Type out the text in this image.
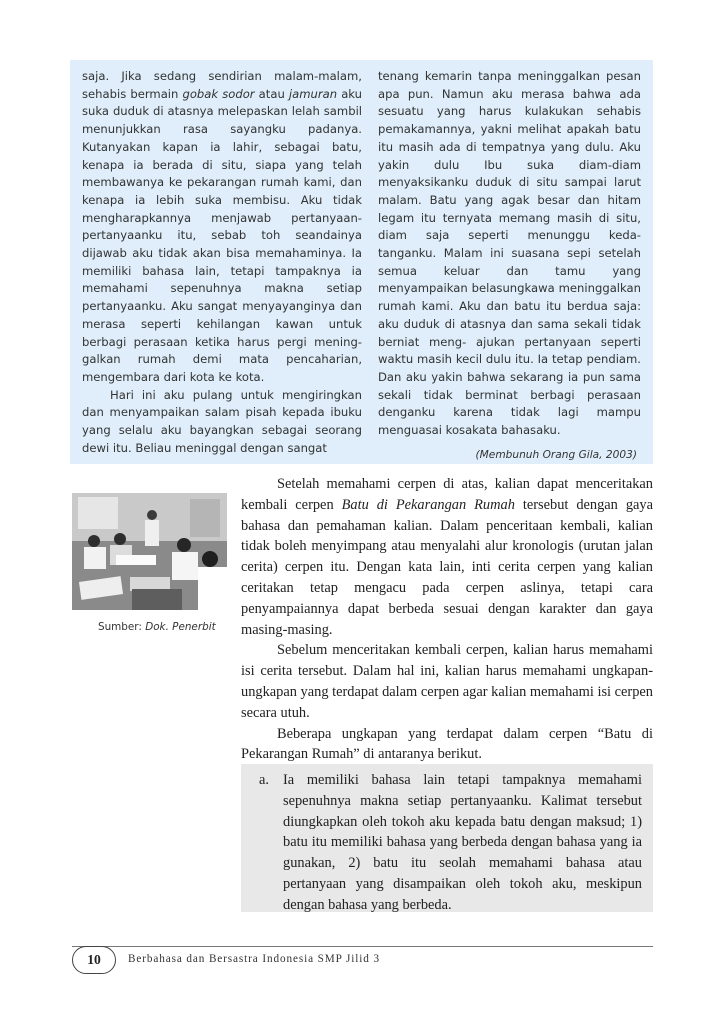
saja. Jika sedang sendirian malam-malam, sehabis bermain gobak sodor atau jamuran aku suka duduk di atasnya melepaskan lelah sambil menunjukkan rasa sayangku padanya. Kutanyakan kapan ia lahir, sebagai batu, kenapa ia berada di situ, siapa yang telah membawanya ke pekarangan rumah kami, dan kenapa ia lebih suka membisu. Aku tidak mengharapkannya menjawab pertanyaan- pertanyaanku itu, sebab toh seandainya dijawab aku tidak akan bisa memahaminya. Ia memiliki bahasa lain, tetapi tampaknya ia memahami sepenuhnya makna setiap pertanyaanku. Aku sangat menyayanginya dan merasa seperti kehilangan kawan untuk berbagi perasaan ketika harus pergi mening- galkan rumah demi mata pencaharian, mengembara dari kota ke kota.

Hari ini aku pulang untuk mengiringkan dan menyampaikan salam pisah kepada ibuku yang selalu aku bayangkan sebagai seorang dewi itu. Beliau meninggal dengan sangat

tenang kemarin tanpa meninggalkan pesan apa pun. Namun aku merasa bahwa ada sesuatu yang harus kulakukan sehabis pemakamannya, yakni melihat apakah batu itu masih ada di tempatnya yang dulu. Aku yakin dulu Ibu suka diam-diam menyaksikanku duduk di situ sampai larut malam. Batu yang agak besar dan hitam legam itu ternyata memang masih di situ, diam saja seperti menunggu keda- tanganku. Malam ini suasana sepi setelah semua keluar dan tamu yang menyampaikan belasungkawa meninggalkan rumah kami. Aku dan batu itu berdua saja: aku duduk di atasnya dan sama sekali tidak berniat meng- ajukan pertanyaan seperti waktu masih kecil dulu itu. Ia tetap pendiam. Dan aku yakin bahwa sekarang ia pun sama sekali tidak berminat berbagi perasaan denganku karena tidak lagi mampu menguasai kosakata bahasaku.

(Membunuh Orang Gila, 2003)
Sumber: Dok. Penerbit

Setelah memahami cerpen di atas, kalian dapat menceritakan kembali cerpen Batu di Pekarangan Rumah tersebut dengan gaya bahasa dan pemahaman kalian. Dalam penceritaan kembali, kalian tidak boleh menyimpang atau menyalahi alur kronologis (urutan jalan cerita) cerpen itu. Dengan kata lain, inti cerita cerpen yang kalian ceritakan tetap mengacu pada cerpen aslinya, tetapi cara penyampaiannya dapat berbeda sesuai dengan karakter dan gaya masing-masing.

Sebelum menceritakan kembali cerpen, kalian harus memahami isi cerita tersebut. Dalam hal ini, kalian harus memahami ungkapan-ungkapan yang terdapat dalam cerpen agar kalian memahami isi cerpen secara utuh.

Beberapa ungkapan yang terdapat dalam cerpen “Batu di Pekarangan Rumah” di antaranya berikut.

a. Ia memiliki bahasa lain tetapi tampaknya memahami sepenuhnya makna setiap pertanyaanku. Kalimat tersebut diungkapkan oleh tokoh aku kepada batu dengan maksud; 1) batu itu memiliki bahasa yang berbeda dengan bahasa yang ia gunakan, 2) batu itu seolah memahami bahasa atau pertanyaan yang disampaikan oleh tokoh aku, meskipun dengan bahasa yang berbeda.
10	Berbahasa dan Bersastra Indonesia SMP Jilid 3
